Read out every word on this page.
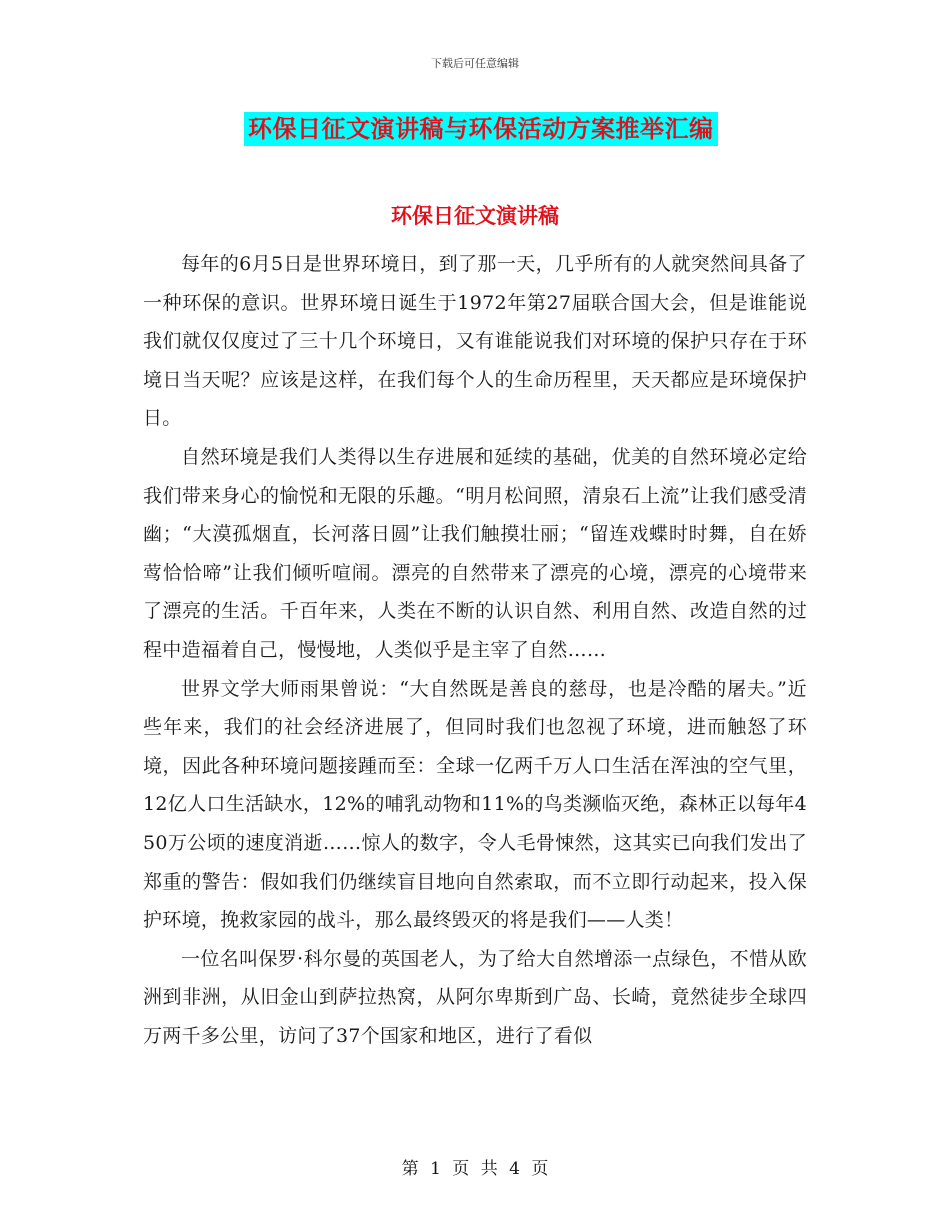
下载后可任意编辑
环保日征文演讲稿与环保活动方案推举汇编
环保日征文演讲稿

每年的6月5日是世界环境日，到了那一天，几乎所有的人就突然间具备了一种环保的意识。世界环境日诞生于1972年第27届联合国大会，但是谁能说我们就仅仅度过了三十几个环境日，又有谁能说我们对环境的保护只存在于环境日当天呢？应该是这样，在我们每个人的生命历程里，天天都应是环境保护日。

自然环境是我们人类得以生存进展和延续的基础，优美的自然环境必定给我们带来身心的愉悦和无限的乐趣。“明月松间照，清泉石上流”让我们感受清幽；“大漠孤烟直，长河落日圆”让我们触摸壮丽；“留连戏蝶时时舞，自在娇莺恰恰啼”让我们倾听喧闹。漂亮的自然带来了漂亮的心境，漂亮的心境带来了漂亮的生活。千百年来，人类在不断的认识自然、利用自然、改造自然的过程中造福着自己，慢慢地，人类似乎是主宰了自然……

世界文学大师雨果曾说：“大自然既是善良的慈母，也是冷酷的屠夫。”近些年来，我们的社会经济进展了，但同时我们也忽视了环境，进而触怒了环境，因此各种环境问题接踵而至：全球一亿两千万人口生活在浑浊的空气里，12亿人口生活缺水，12%的哺乳动物和11%的鸟类濒临灭绝，森林正以每年450万公顷的速度消逝……惊人的数字，令人毛骨悚然，这其实已向我们发出了郑重的警告：假如我们仍继续盲目地向自然索取，而不立即行动起来，投入保护环境，挽救家园的战斗，那么最终毁灭的将是我们——人类！

一位名叫保罗·科尔曼的英国老人，为了给大自然增添一点绿色，不惜从欧洲到非洲，从旧金山到萨拉热窝，从阿尔卑斯到广岛、长崎，竟然徒步全球四万两千多公里，访问了37个国家和地区，进行了看似

第 1 页 共 4 页
